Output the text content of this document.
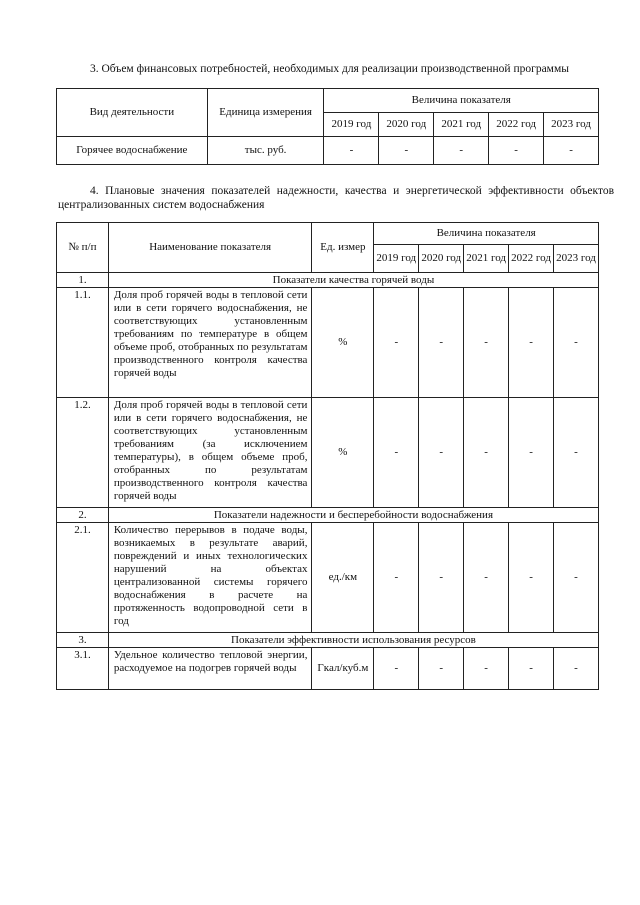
3. Объем финансовых потребностей, необходимых для реализации производственной программы
Вид деятельности	Единица измерения	Величина показателя				
		2019 год	2020 год	2021 год	2022 год	2023 год
Горячее водоснабжение	тыс. руб.	-	-	-	-	-
4. Плановые значения показателей надежности, качества и энергетической эффективности объектов централизованных систем водоснабжения
№ п/п	Наименование показателя	Ед. измер	Величина показателя				
			2019 год	2020 год	2021 год	2022 год	2023 год
1.	Показатели качества горячей воды						
1.1.	Доля проб горячей воды в тепловой сети или в сети горячего водоснабжения, не соответствующих установленным требованиям по температуре в общем объеме проб, отобранных по результатам производственного контроля качества горячей воды	%	-	-	-	-	-
1.2.	Доля проб горячей воды в тепловой сети или в сети горячего водоснабжения, не соответствующих установленным требованиям (за исключением температуры), в общем объеме проб, отобранных по результатам производственного контроля качества горячей воды	%	-	-	-	-	-
2.	Показатели надежности и бесперебойности водоснабжения						
2.1.	Количество перерывов в подаче воды, возникаемых в результате аварий, повреждений и иных технологических нарушений на объектах централизованной системы горячего водоснабжения в расчете на протяженность водопроводной сети в год	ед./км	-	-	-	-	-
3.	Показатели эффективности использования ресурсов						
3.1.	Удельное количество тепловой энергии, расходуемое на подогрев горячей воды	Гкал/куб.м	-	-	-	-	-
